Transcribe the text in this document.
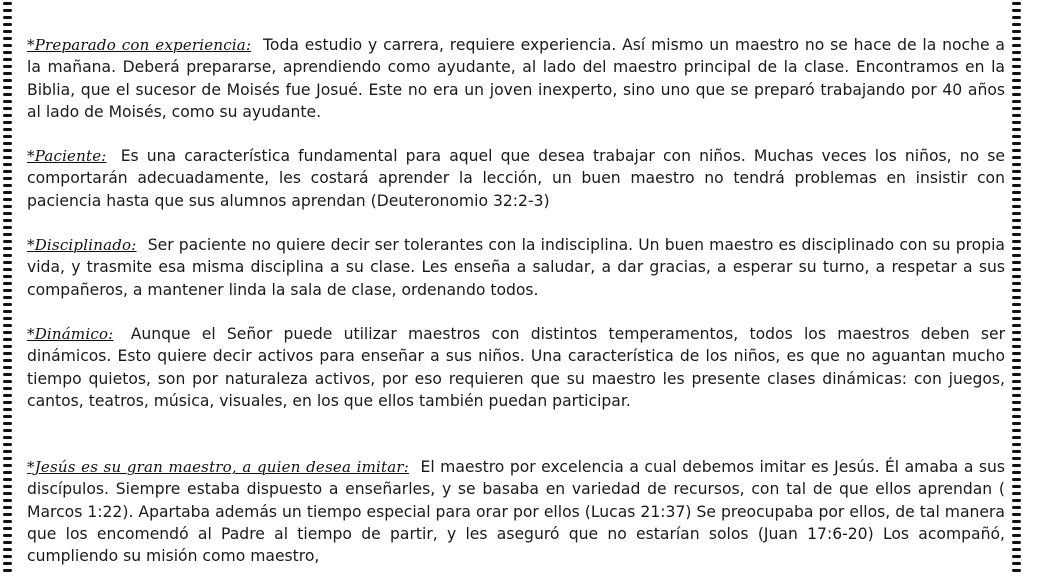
*Preparado con experiencia: Toda estudio y carrera, requiere experiencia. Así mismo un maestro no se hace de la noche a la mañana. Deberá prepararse, aprendiendo como ayudante, al lado del maestro principal de la clase. Encontramos en la Biblia, que el sucesor de Moisés fue Josué. Este no era un joven inexperto, sino uno que se preparó trabajando por 40 años al lado de Moisés, como su ayudante.
*Paciente: Es una característica fundamental para aquel que desea trabajar con niños. Muchas veces los niños, no se comportarán adecuadamente, les costará aprender la lección, un buen maestro no tendrá problemas en insistir con paciencia hasta que sus alumnos aprendan (Deuteronomio 32:2-3)
*Disciplinado: Ser paciente no quiere decir ser tolerantes con la indisciplina. Un buen maestro es disciplinado con su propia vida, y trasmite esa misma disciplina a su clase. Les enseña a saludar, a dar gracias, a esperar su turno, a respetar a sus compañeros, a mantener linda la sala de clase, ordenando todos.
*Dinámico: Aunque el Señor puede utilizar maestros con distintos temperamentos, todos los maestros deben ser dinámicos. Esto quiere decir activos para enseñar a sus niños. Una característica de los niños, es que no aguantan mucho tiempo quietos, son por naturaleza activos, por eso requieren que su maestro les presente clases dinámicas: con juegos, cantos, teatros, música, visuales, en los que ellos también puedan participar.
*Jesús es su gran maestro, a quien desea imitar: El maestro por excelencia a cual debemos imitar es Jesús. Él amaba a sus discípulos. Siempre estaba dispuesto a enseñarles, y se basaba en variedad de recursos, con tal de que ellos aprendan ( Marcos 1:22). Apartaba además un tiempo especial para orar por ellos (Lucas 21:37) Se preocupaba por ellos, de tal manera que los encomendó al Padre al tiempo de partir, y les aseguró que no estarían solos (Juan 17:6-20) Los acompañó, cumpliendo su misión como maestro,
